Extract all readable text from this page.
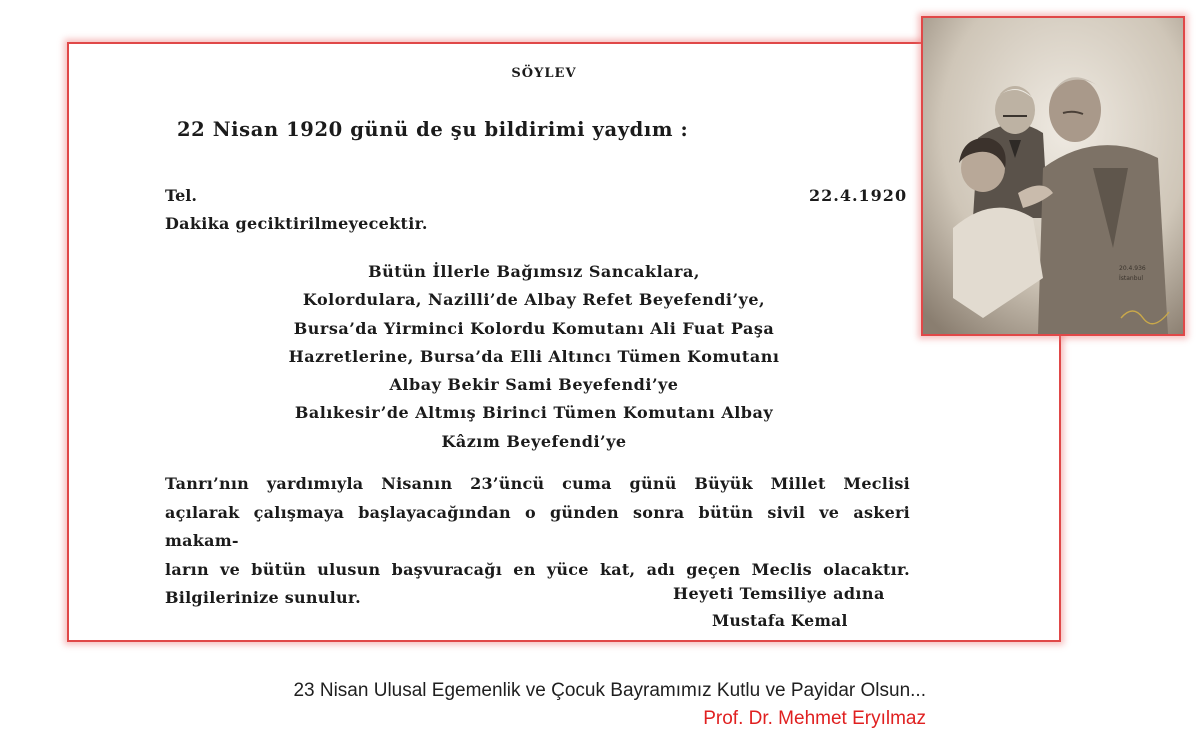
SÖYLEV
22 Nisan 1920 günü de şu bildirimi yaydım :
Tel.	22.4.1920
Dakika geciktirilmeyecektir.
Bütün İllerle Bağımsız Sancaklara,
Kolordulara, Nazilli’de Albay Refet Beyefendi’ye,
Bursa’da Yirminci Kolordu Komutanı Ali Fuat Paşa
Hazretlerine, Bursa’da Elli Altıncı Tümen Komutanı
Albay Bekir Sami Beyefendi’ye
Balıkesir’de Altmış Birinci Tümen Komutanı Albay
Kâzım Beyefendi’ye
Tanrı’nın yardımıyla Nisanın 23’üncü cuma günü Büyük Millet Meclisi
açılarak çalışmaya başlayacağından o günden sonra bütün sivil ve askeri makam-
ların ve bütün ulusun başvuracağı en yüce kat, adı geçen Meclis olacaktır.
Bilgilerinize sunulur.	Heyeti Temsiliye adına
Mustafa Kemal
20.4.936
İstanbul
23 Nisan Ulusal Egemenlik ve Çocuk Bayramımız Kutlu ve Payidar Olsun...
Prof. Dr. Mehmet Eryılmaz
